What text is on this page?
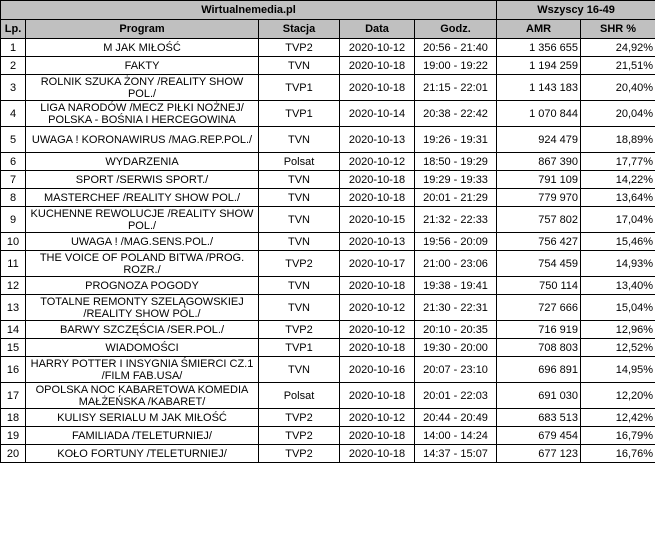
Wirtualnemedia.pl					Wszyscy 16-49	
Lp.	Program	Stacja	Data	Godz.	AMR	SHR %
1	M JAK MIŁOŚĆ	TVP2	2020-10-12	20:56 - 21:40	1 356 655	24,92%
2	FAKTY	TVN	2020-10-18	19:00 - 19:22	1 194 259	21,51%
3	ROLNIK SZUKA ŻONY /REALITY SHOW POL./	TVP1	2020-10-18	21:15 - 22:01	1 143 183	20,40%
4	LIGA NARODÓW /MECZ PIŁKI NOŻNEJ/ POLSKA - BOŚNIA I HERCEGOWINA	TVP1	2020-10-14	20:38 - 22:42	1 070 844	20,04%
5	UWAGA ! KORONAWIRUS /MAG.REP.POL./	TVN	2020-10-13	19:26 - 19:31	924 479	18,89%
6	WYDARZENIA	Polsat	2020-10-12	18:50 - 19:29	867 390	17,77%
7	SPORT /SERWIS SPORT./	TVN	2020-10-18	19:29 - 19:33	791 109	14,22%
8	MASTERCHEF /REALITY SHOW POL./	TVN	2020-10-18	20:01 - 21:29	779 970	13,64%
9	KUCHENNE REWOLUCJE /REALITY SHOW POL./	TVN	2020-10-15	21:32 - 22:33	757 802	17,04%
10	UWAGA ! /MAG.SENS.POL./	TVN	2020-10-13	19:56 - 20:09	756 427	15,46%
11	THE VOICE OF POLAND BITWA /PROG. ROZR./	TVP2	2020-10-17	21:00 - 23:06	754 459	14,93%
12	PROGNOZA POGODY	TVN	2020-10-18	19:38 - 19:41	750 114	13,40%
13	TOTALNE REMONTY SZELĄGOWSKIEJ /REALITY SHOW POL./	TVN	2020-10-12	21:30 - 22:31	727 666	15,04%
14	BARWY SZCZĘŚCIA /SER.POL./	TVP2	2020-10-12	20:10 - 20:35	716 919	12,96%
15	WIADOMOŚCI	TVP1	2020-10-18	19:30 - 20:00	708 803	12,52%
16	HARRY POTTER I INSYGNIA ŚMIERCI CZ.1 /FILM FAB.USA/	TVN	2020-10-16	20:07 - 23:10	696 891	14,95%
17	OPOLSKA NOC KABARETOWA KOMEDIA MAŁŻEŃSKA /KABARET/	Polsat	2020-10-18	20:01 - 22:03	691 030	12,20%
18	KULISY SERIALU M JAK MIŁOŚĆ	TVP2	2020-10-12	20:44 - 20:49	683 513	12,42%
19	FAMILIADA /TELETURNIEJ/	TVP2	2020-10-18	14:00 - 14:24	679 454	16,79%
20	KOŁO FORTUNY /TELETURNIEJ/	TVP2	2020-10-18	14:37 - 15:07	677 123	16,76%
